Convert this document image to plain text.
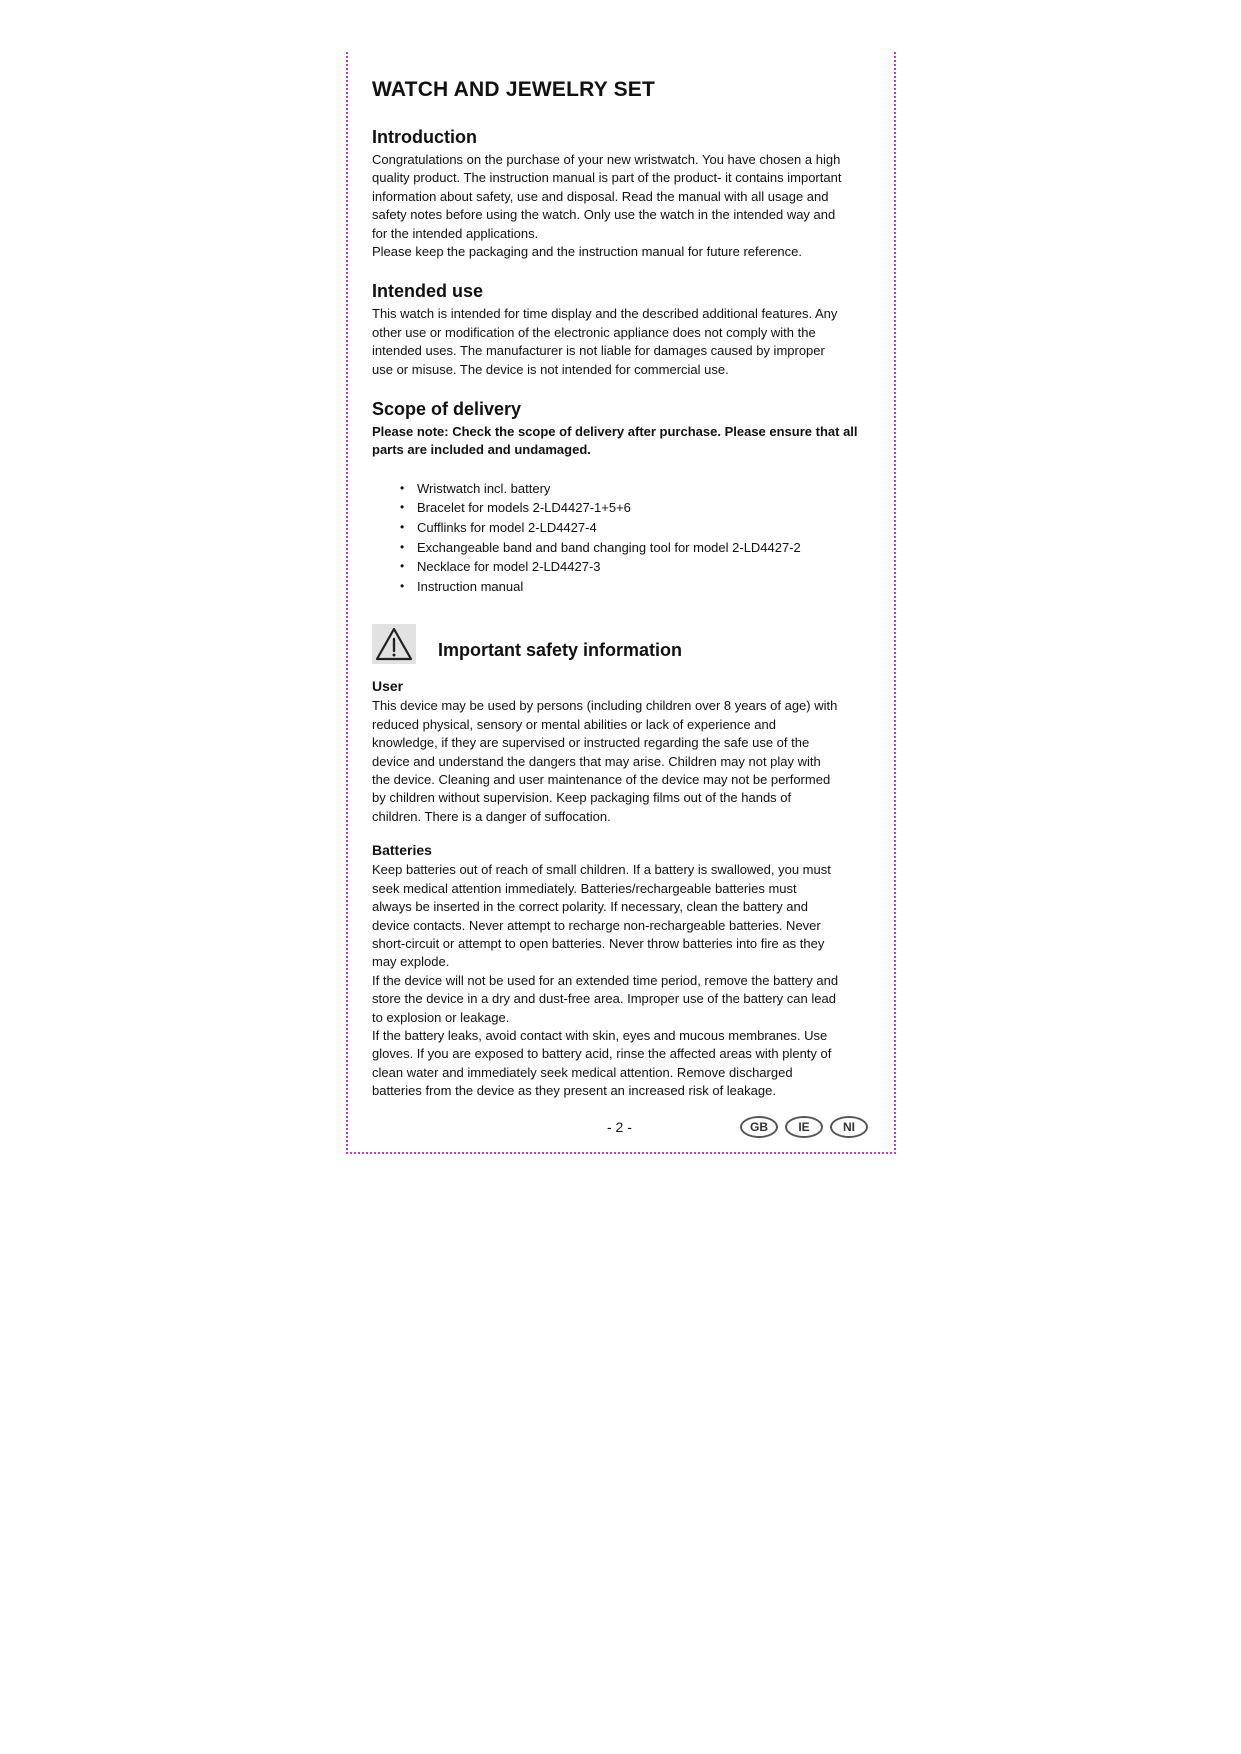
WATCH AND JEWELRY SET
Introduction

Congratulations on the purchase of your new wristwatch. You have chosen a high
quality product. The instruction manual is part of the product- it contains important
information about safety, use and disposal. Read the manual with all usage and
safety notes before using the watch. Only use the watch in the intended way and
for the intended applications.
Please keep the packaging and the instruction manual for future reference.

Intended use

This watch is intended for time display and the described additional features. Any
other use or modification of the electronic appliance does not comply with the
intended uses. The manufacturer is not liable for damages caused by improper
use or misuse. The device is not intended for commercial use.

Scope of delivery

Please note: Check the scope of delivery after purchase. Please ensure that all
parts are included and undamaged.

• Wristwatch incl. battery
• Bracelet for models 2-LD4427-1+5+6
• Cufflinks for model 2-LD4427-4
• Exchangeable band and band changing tool for model 2-LD4427-2
• Necklace for model 2-LD4427-3
• Instruction manual
Important safety information
User

This device may be used by persons (including children over 8 years of age) with
reduced physical, sensory or mental abilities or lack of experience and
knowledge, if they are supervised or instructed regarding the safe use of the
device and understand the dangers that may arise. Children may not play with
the device. Cleaning and user maintenance of the device may not be performed
by children without supervision. Keep packaging films out of the hands of
children. There is a danger of suffocation.

Batteries

Keep batteries out of reach of small children. If a battery is swallowed, you must
seek medical attention immediately. Batteries/rechargeable batteries must
always be inserted in the correct polarity. If necessary, clean the battery and
device contacts. Never attempt to recharge non-rechargeable batteries. Never
short-circuit or attempt to open batteries. Never throw batteries into fire as they
may explode.
If the device will not be used for an extended time period, remove the battery and
store the device in a dry and dust-free area. Improper use of the battery can lead
to explosion or leakage.
If the battery leaks, avoid contact with skin, eyes and mucous membranes. Use
gloves. If you are exposed to battery acid, rinse the affected areas with plenty of
clean water and immediately seek medical attention. Remove discharged
batteries from the device as they present an increased risk of leakage.

- 2 -	GB	IE	NI
